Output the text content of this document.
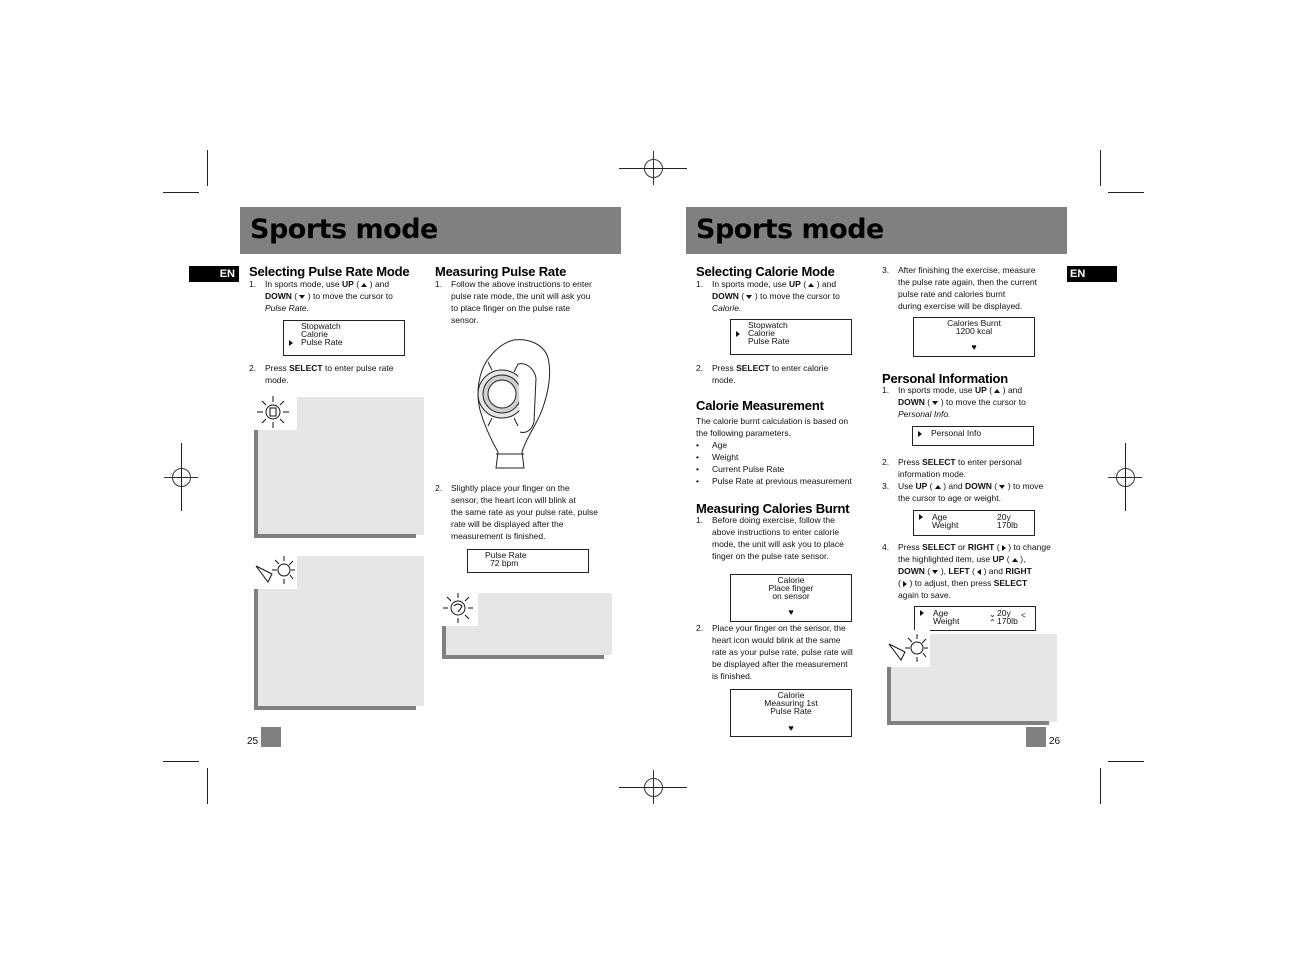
Sports mode
EN	Selecting Pulse Rate Mode
1. In sports mode, use UP (  ) and
DOWN (  ) to move the cursor to
Pulse Rate.
Stopwatch
Calorie
Pulse Rate
2. Press SELECT to enter pulse rate
mode.
Measuring Pulse Rate
1. Follow the above instructions to enter
pulse rate mode, the unit will ask you
to place finger on the pulse rate
sensor.
2. Slightly place your finger on the
sensor, the heart icon will blink at
the same rate as your pulse rate, pulse
rate will be displayed after the
measurement is finished.
Pulse Rate
72 bpm
25
Sports mode
EN
Selecting Calorie Mode
1. In sports mode, use UP (  ) and
DOWN (  ) to move the cursor to
Calorie.
Stopwatch
Calorie
Pulse Rate
2. Press SELECT to enter calorie
mode.
Calorie Measurement
The calorie burnt calculation is based on
the following parameters.
• Age
• Weight
• Current Pulse Rate
• Pulse Rate at previous measurement
Measuring Calories Burnt
1. Before doing exercise, follow the
above instructions to enter calorie
mode, the unit will ask you to place
finger on the pulse rate sensor.
Calorie
Place finger
on sensor
♥
2. Place your finger on the sensor, the
heart icon would blink at the same
rate as your pulse rate, pulse rate will
be displayed after the measurement
is finished.
Calorie
Measuring 1st
Pulse Rate
♥
3. After finishing the exercise, measure
the pulse rate again, then the current
pulse rate and calories burnt
during exercise will be displayed.
Calories Burnt
1200 kcal
♥
Personal Information
1. In sports mode, use UP (  ) and
DOWN (  ) to move the cursor to
Personal Info.
Personal Info
2. Press SELECT to enter personal
information mode.
3. Use UP (  ) and DOWN (  ) to move
the cursor to age or weight.
Age	20y
Weight	170lb
4. Press SELECT or RIGHT (  ) to change
the highlighted item, use UP (  ),
DOWN (  ), LEFT (  ) and RIGHT
(  ) to adjust, then press SELECT
again to save.
Age	20y
Weight	170lb
⌄
⌃
<
26
